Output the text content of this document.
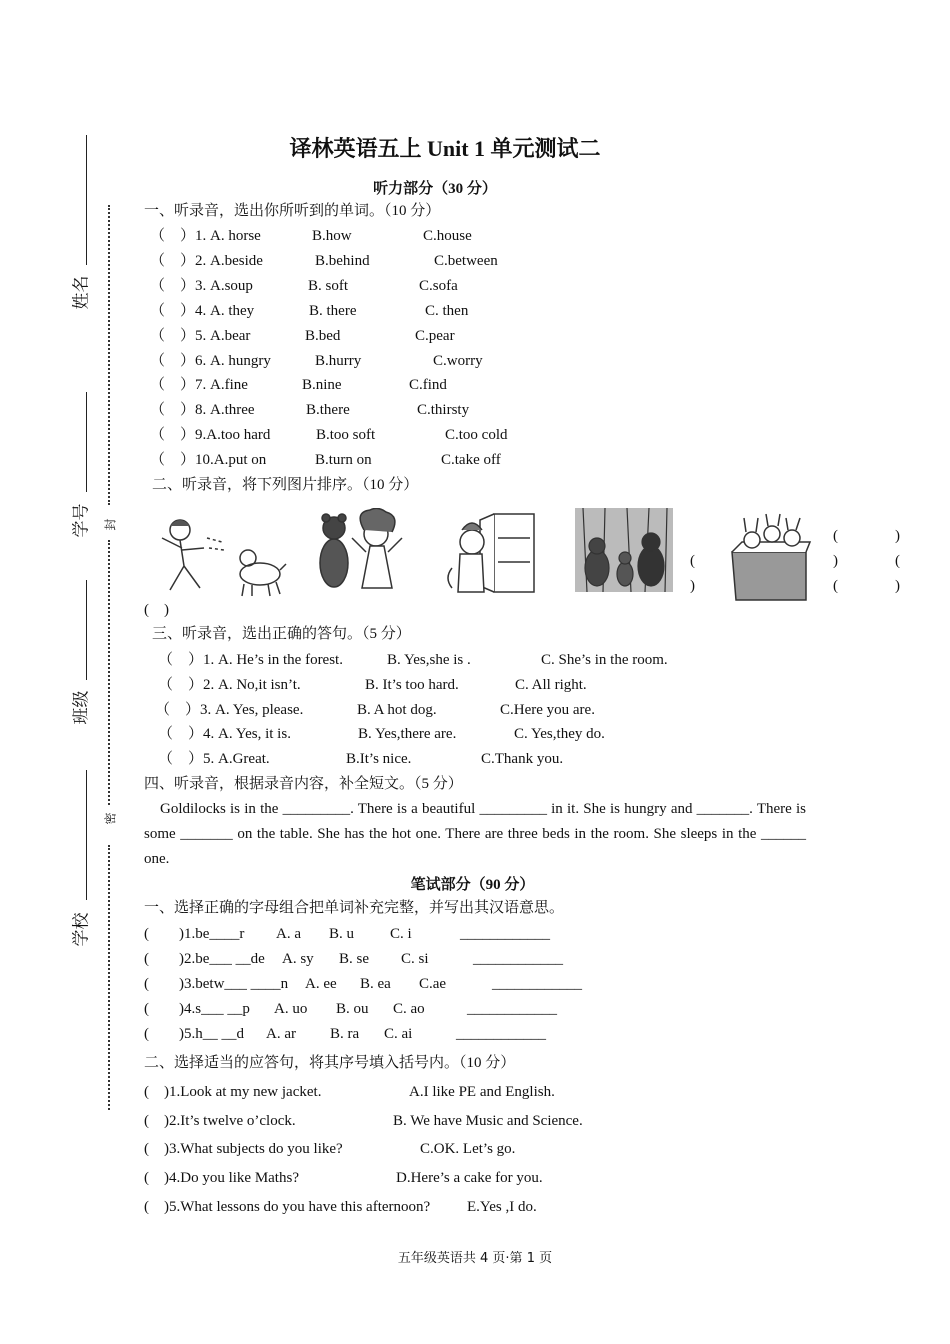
姓名
学号
班级
学校
封
密
译林英语五上 Unit 1 单元测试二
听力部分（30 分）
一、听录音，选出你所听到的单词。（10 分）
（　）1. A. horse	B.how	C.house
（　）2. A.beside	B.behind	C.between
（　）3. A.soup	B. soft	C.sofa
（　）4. A. they	B. there	C. then
（　）5. A.bear	B.bed	C.pear
（　）6. A. hungry	B.hurry	C.worry
（　）7. A.fine	B.nine	C.find
（　）8. A.three	B.there	C.thirsty
（　）9.A.too hard	B.too soft	C.too cold
（　）10.A.put on	B.turn on	C.take off
二、听录音，将下列图片排序。（10 分）
(	)
(	)	(
)	(	)
(　)
三、听录音，选出正确的答句。（5 分）
（　）1. A. He’s in the forest.	B. Yes,she is .	C. She’s in the room.
（　）2. A. No,it isn’t.	B. It’s too hard.	C. All right.
（　）3. A. Yes, please.	B. A hot dog.	C.Here you are.
（　）4. A. Yes, it is.	B. Yes,there are.	C. Yes,they do.
（　）5. A.Great.	B.It’s nice.	C.Thank you.
四、听录音，根据录音内容，补全短文。（5 分）
Goldilocks is in the _________. There is a beautiful _________ in it. She is hungry and _______. There is some _______ on the table. She has the hot one. There are three beds in the room. She sleeps in the ______ one.
笔试部分（90 分）
一、选择正确的字母组合把单词补充完整，并写出其汉语意思。
(　　)1.be____r A. a B. u C. i	____________
(　　)2.be___ __de A. sy B. se C. si	____________
(　　)3.betw___ ____n A. ee B. ea C.ae	____________
(　　)4.s___ __p A. uo B. ou C. ao	____________
(　　)5.h__ __d A. ar B. ra C. ai	____________
二、选择适当的应答句，将其序号填入括号内。（10 分）
(　)1.Look at my new jacket.	A.I like PE and English.
(　)2.It’s twelve o’clock.	B. We have Music and Science.
(　)3.What subjects do you like?	C.OK. Let’s go.
(　)4.Do you like Maths?	D.Here’s a cake for you.
(　)5.What lessons do you have this afternoon? E.Yes ,I do.
五年级英语共 4 页·第 1 页
